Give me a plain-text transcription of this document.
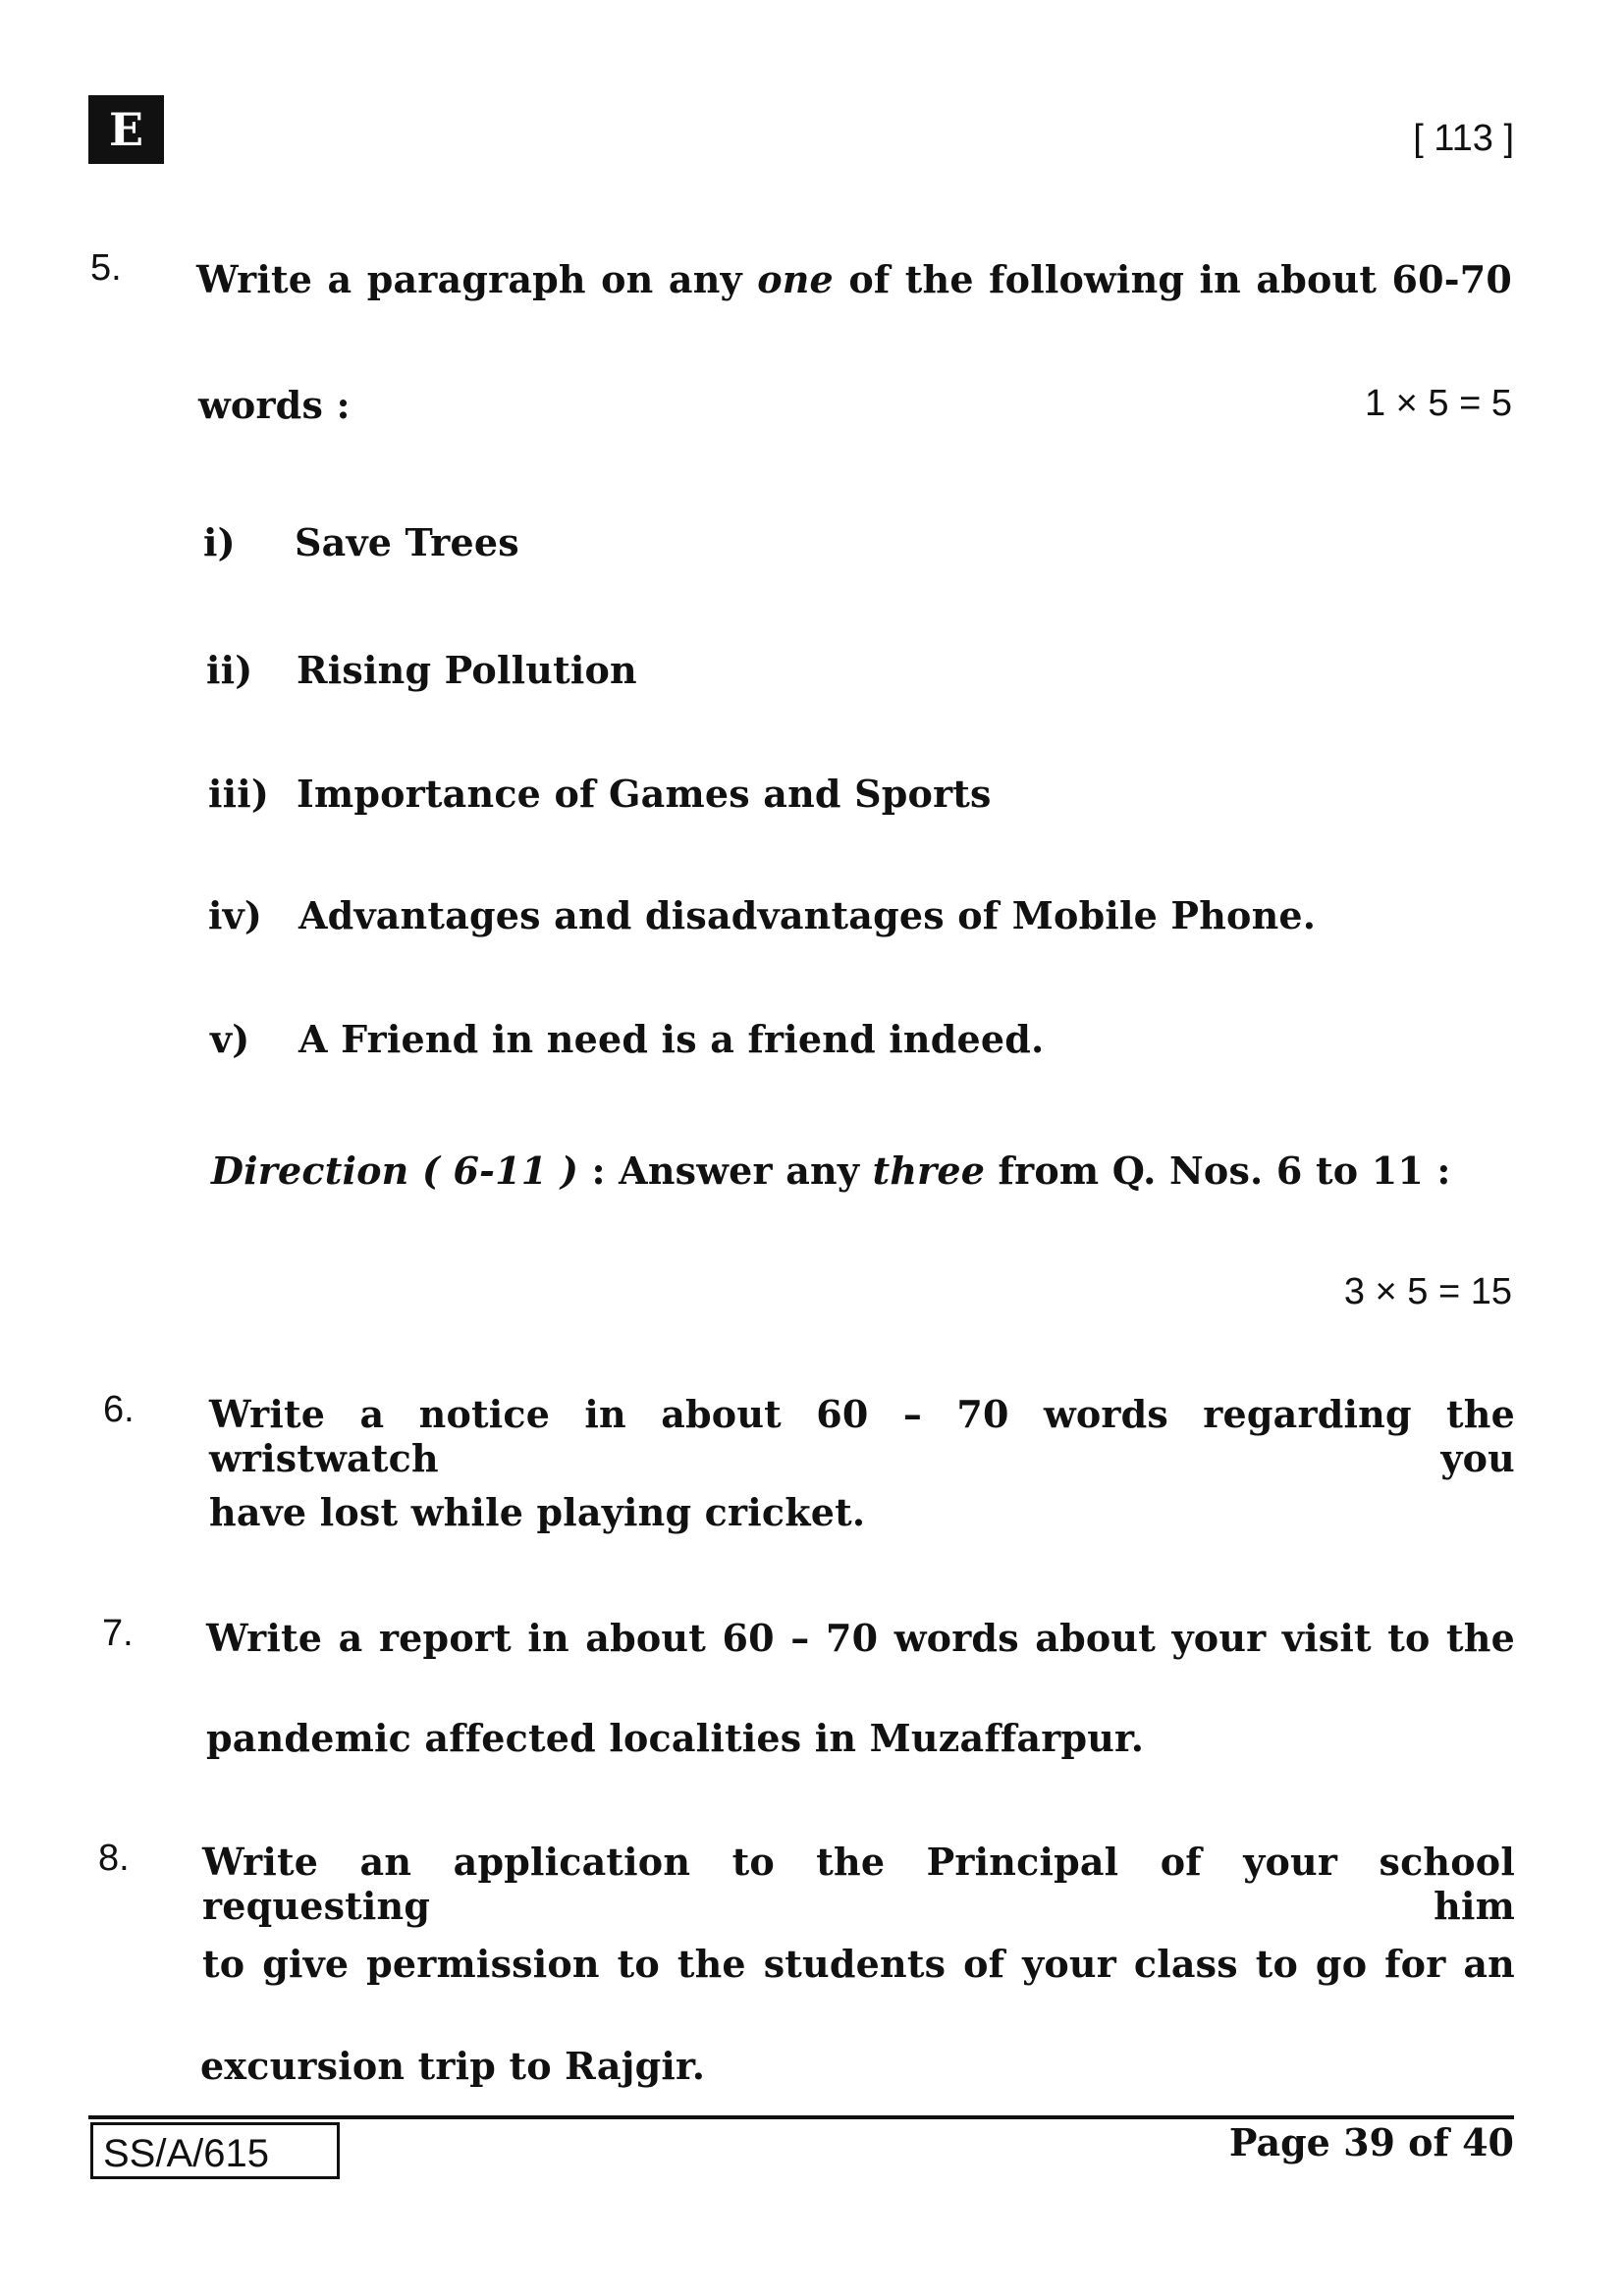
E	[ 113 ]
5. Write a paragraph on any one of the following in about 60-70
words :	1 × 5 = 5
i) Save Trees
ii) Rising Pollution
iii) Importance of Games and Sports
iv) Advantages and disadvantages of Mobile Phone.
v) A Friend in need is a friend indeed.
Direction ( 6-11 ) : Answer any three from Q. Nos. 6 to 11 :
3 × 5 = 15
6. Write a notice in about 60 – 70 words regarding the wristwatch you
have lost while playing cricket.
7. Write a report in about 60 – 70 words about your visit to the
pandemic affected localities in Muzaffarpur.
8. Write an application to the Principal of your school requesting him
to give permission to the students of your class to go for an
excursion trip to Rajgir.
SS/A/615	Page 39 of 40
